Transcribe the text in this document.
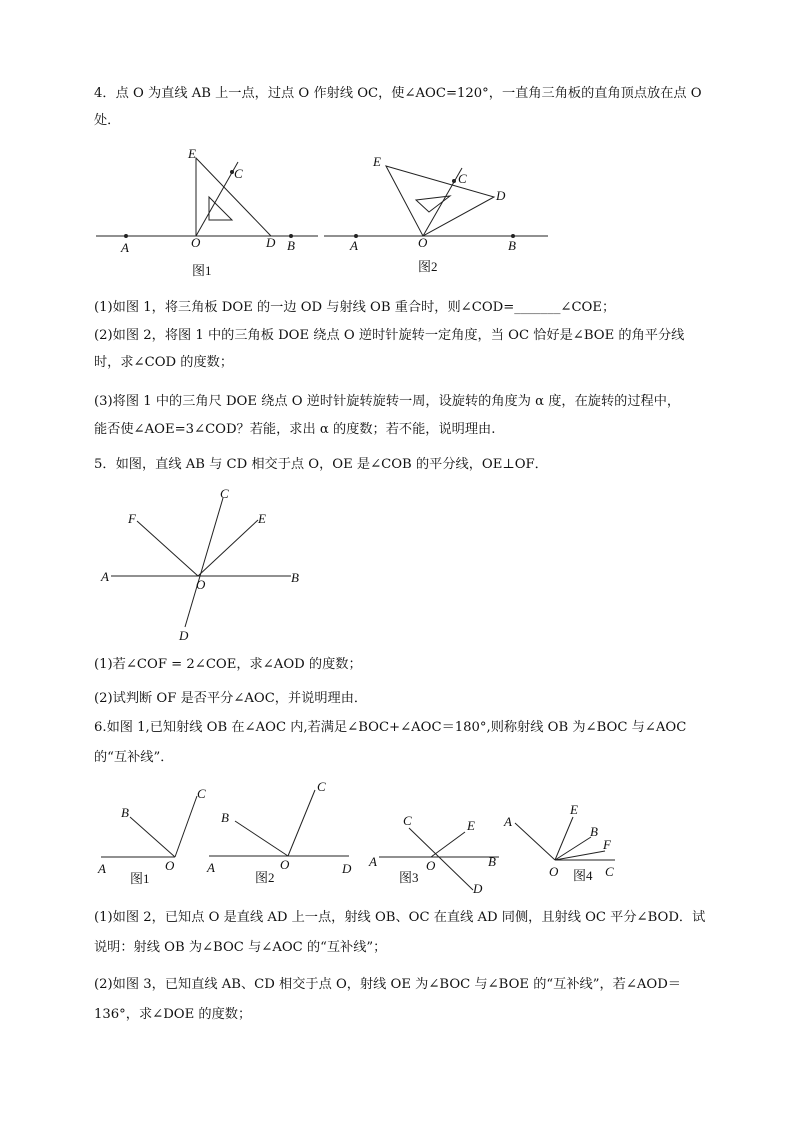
4．点 O 为直线 AB 上一点，过点 O 作射线 OC，使∠AOC=120°，一直角三角板的直角顶点放在点 O
处．
E
C
A	O	D B
图1
E
C
D
A	O	B
图2
(1)如图 1，将三角板 DOE 的一边 OD 与射线 OB 重合时，则∠COD=_______∠COE；
(2)如图 2，将图 1 中的三角板 DOE 绕点 O 逆时针旋转一定角度，当 OC 恰好是∠BOE 的角平分线
时，求∠COD 的度数；
(3)将图 1 中的三角尺 DOE 绕点 O 逆时针旋转旋转一周，设旋转的角度为 α 度，在旋转的过程中，
能否使∠AOE=3∠COD？若能，求出 α 的度数；若不能，说明理由.
5．如图，直线 AB 与 CD 相交于点 O，OE 是∠COB 的平分线，OE⊥OF．
C
F	E
A
O	B
D
(1)若∠COF = 2∠COE，求∠AOD 的度数；
(2)试判断 OF 是否平分∠AOC，并说明理由．
6.如图 1,已知射线 OB 在∠AOC 内,若满足∠BOC+∠AOC＝180°,则称射线 OB 为∠BOC 与∠AOC
的“互补线”．
B
C
A	O
图1
B
C
A	O	D
图2
C	E
A	O	B
D
图3
A
E
B
F
O	C
图4
(1)如图 2，已知点 O 是直线 AD 上一点，射线 OB、OC 在直线 AD 同侧，且射线 OC 平分∠BOD．试
说明：射线 OB 为∠BOC 与∠AOC 的“互补线”；
(2)如图 3，已知直线 AB、CD 相交于点 O，射线 OE 为∠BOC 与∠BOE 的“互补线”，若∠AOD＝
136°，求∠DOE 的度数；
